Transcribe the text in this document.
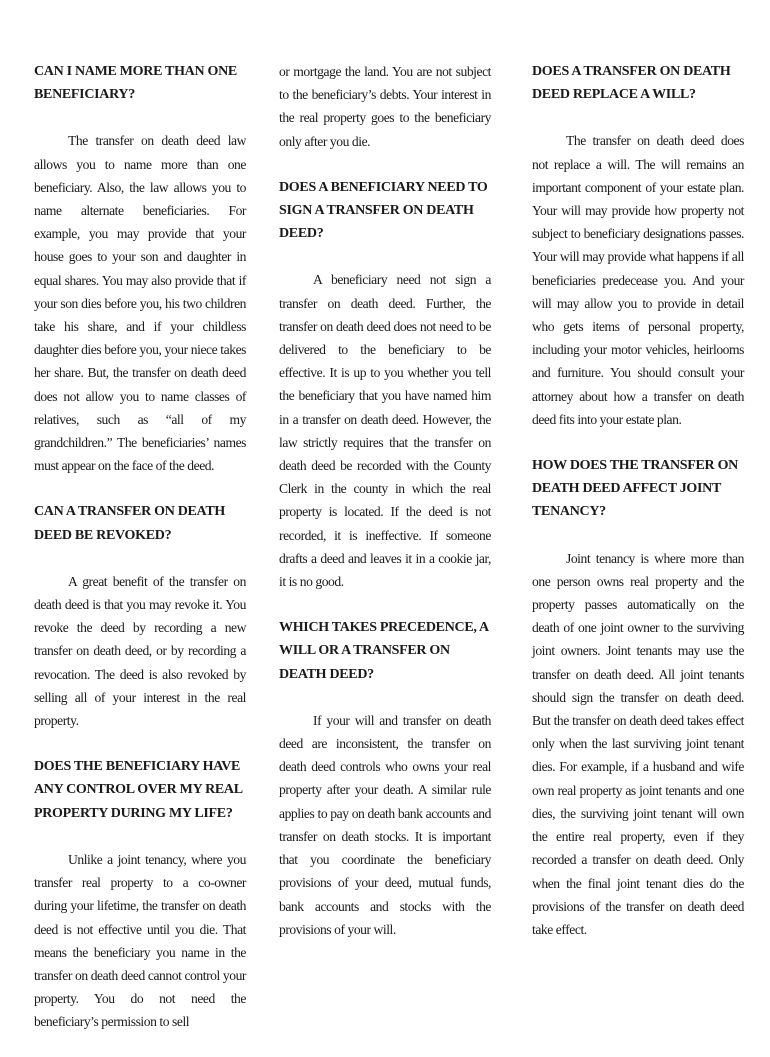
CAN I NAME MORE THAN ONE BENEFICIARY?
The transfer on death deed law allows you to name more than one beneficiary. Also, the law allows you to name alternate beneficiaries. For example, you may provide that your house goes to your son and daughter in equal shares. You may also provide that if your son dies before you, his two children take his share, and if your childless daughter dies before you, your niece takes her share. But, the transfer on death deed does not allow you to name classes of relatives, such as “all of my grandchildren.” The beneficiaries’ names must appear on the face of the deed.
CAN A TRANSFER ON DEATH DEED BE REVOKED?
A great benefit of the transfer on death deed is that you may revoke it. You revoke the deed by recording a new transfer on death deed, or by recording a revocation. The deed is also revoked by selling all of your interest in the real property.
DOES THE BENEFICIARY HAVE ANY CONTROL OVER MY REAL PROPERTY DURING MY LIFE?
Unlike a joint tenancy, where you transfer real property to a co-owner during your lifetime, the transfer on death deed is not effective until you die. That means the beneficiary you name in the transfer on death deed cannot control your property. You do not need the beneficiary’s permission to sell
or mortgage the land. You are not subject to the beneficiary’s debts. Your interest in the real property goes to the beneficiary only after you die.
DOES A BENEFICIARY NEED TO SIGN A TRANSFER ON DEATH DEED?
A beneficiary need not sign a transfer on death deed. Further, the transfer on death deed does not need to be delivered to the beneficiary to be effective. It is up to you whether you tell the beneficiary that you have named him in a transfer on death deed. However, the law strictly requires that the transfer on death deed be recorded with the County Clerk in the county in which the real property is located. If the deed is not recorded, it is ineffective. If someone drafts a deed and leaves it in a cookie jar, it is no good.
WHICH TAKES PRECEDENCE, A WILL OR A TRANSFER ON DEATH DEED?
If your will and transfer on death deed are inconsistent, the transfer on death deed controls who owns your real property after your death. A similar rule applies to pay on death bank accounts and transfer on death stocks. It is important that you coordinate the beneficiary provisions of your deed, mutual funds, bank accounts and stocks with the provisions of your will.
DOES A TRANSFER ON DEATH DEED REPLACE A WILL?
The transfer on death deed does not replace a will. The will remains an important component of your estate plan. Your will may provide how property not subject to beneficiary designations passes. Your will may provide what happens if all beneficiaries predecease you. And your will may allow you to provide in detail who gets items of personal property, including your motor vehicles, heirlooms and furniture. You should consult your attorney about how a transfer on death deed fits into your estate plan.
HOW DOES THE TRANSFER ON DEATH DEED AFFECT JOINT TENANCY?
Joint tenancy is where more than one person owns real property and the property passes automatically on the death of one joint owner to the surviving joint owners. Joint tenants may use the transfer on death deed. All joint tenants should sign the transfer on death deed. But the transfer on death deed takes effect only when the last surviving joint tenant dies. For example, if a husband and wife own real property as joint tenants and one dies, the surviving joint tenant will own the entire real property, even if they recorded a transfer on death deed. Only when the final joint tenant dies do the provisions of the transfer on death deed take effect.
